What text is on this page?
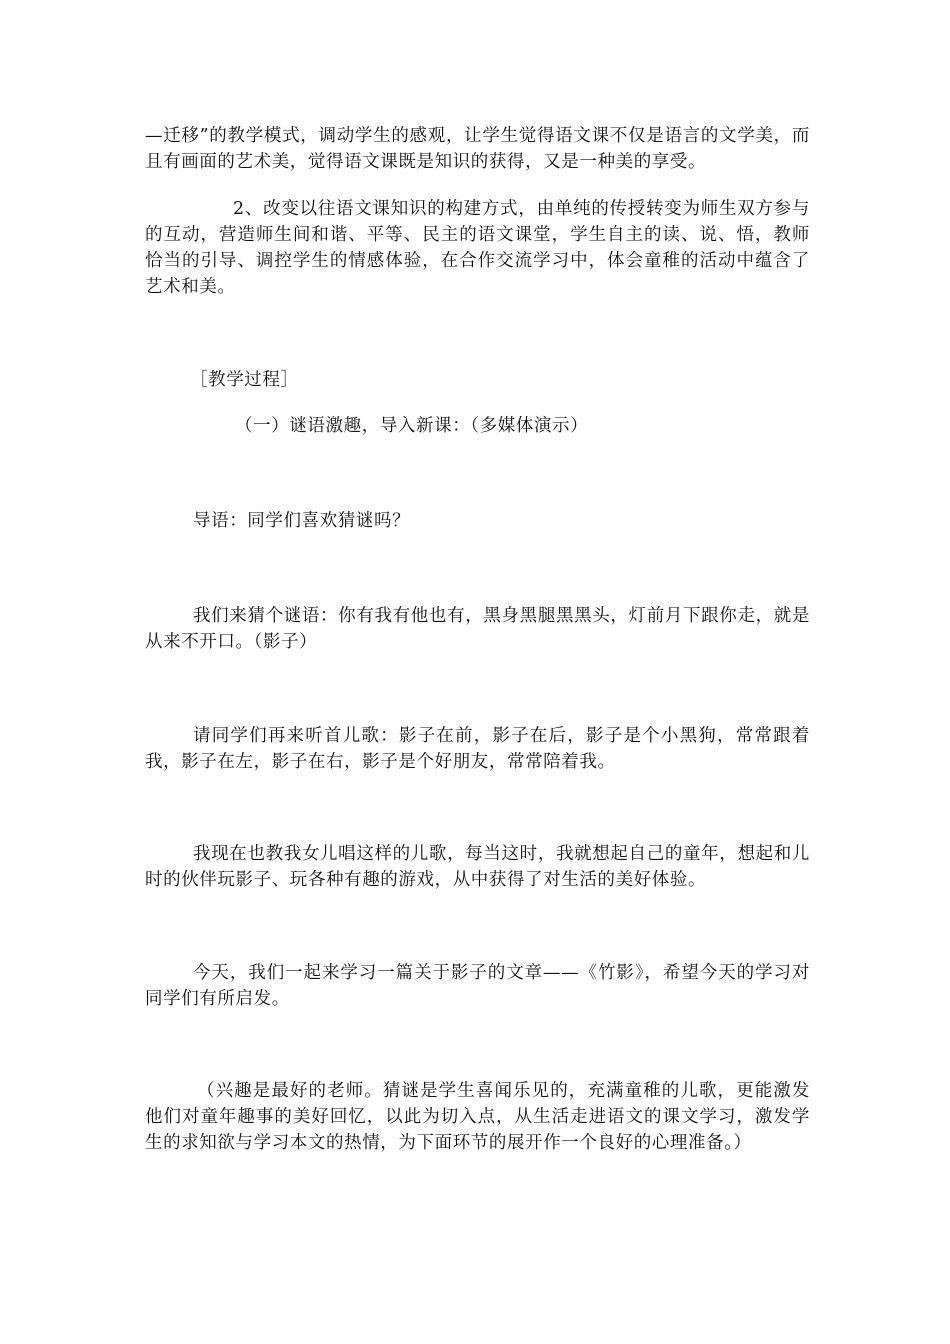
—迁移”的教学模式，调动学生的感观，让学生觉得语文课不仅是语言的文学美，而且有画面的艺术美，觉得语文课既是知识的获得，又是一种美的享受。

2、改变以往语文课知识的构建方式，由单纯的传授转变为师生双方参与的互动，营造师生间和谐、平等、民主的语文课堂，学生自主的读、说、悟，教师恰当的引导、调控学生的情感体验，在合作交流学习中，体会童稚的活动中蕴含了艺术和美。

［教学过程］

（一）谜语激趣，导入新课：（多媒体演示）

导语：同学们喜欢猜谜吗？

我们来猜个谜语：你有我有他也有，黑身黑腿黑黑头，灯前月下跟你走，就是从来不开口。（影子）

请同学们再来听首儿歌：影子在前，影子在后，影子是个小黑狗，常常跟着我，影子在左，影子在右，影子是个好朋友，常常陪着我。

我现在也教我女儿唱这样的儿歌，每当这时，我就想起自己的童年，想起和儿时的伙伴玩影子、玩各种有趣的游戏，从中获得了对生活的美好体验。

今天，我们一起来学习一篇关于影子的文章——《竹影》，希望今天的学习对同学们有所启发。

（兴趣是最好的老师。猜谜是学生喜闻乐见的，充满童稚的儿歌，更能激发他们对童年趣事的美好回忆，以此为切入点，从生活走进语文的课文学习，激发学生的求知欲与学习本文的热情，为下面环节的展开作一个良好的心理准备。）
